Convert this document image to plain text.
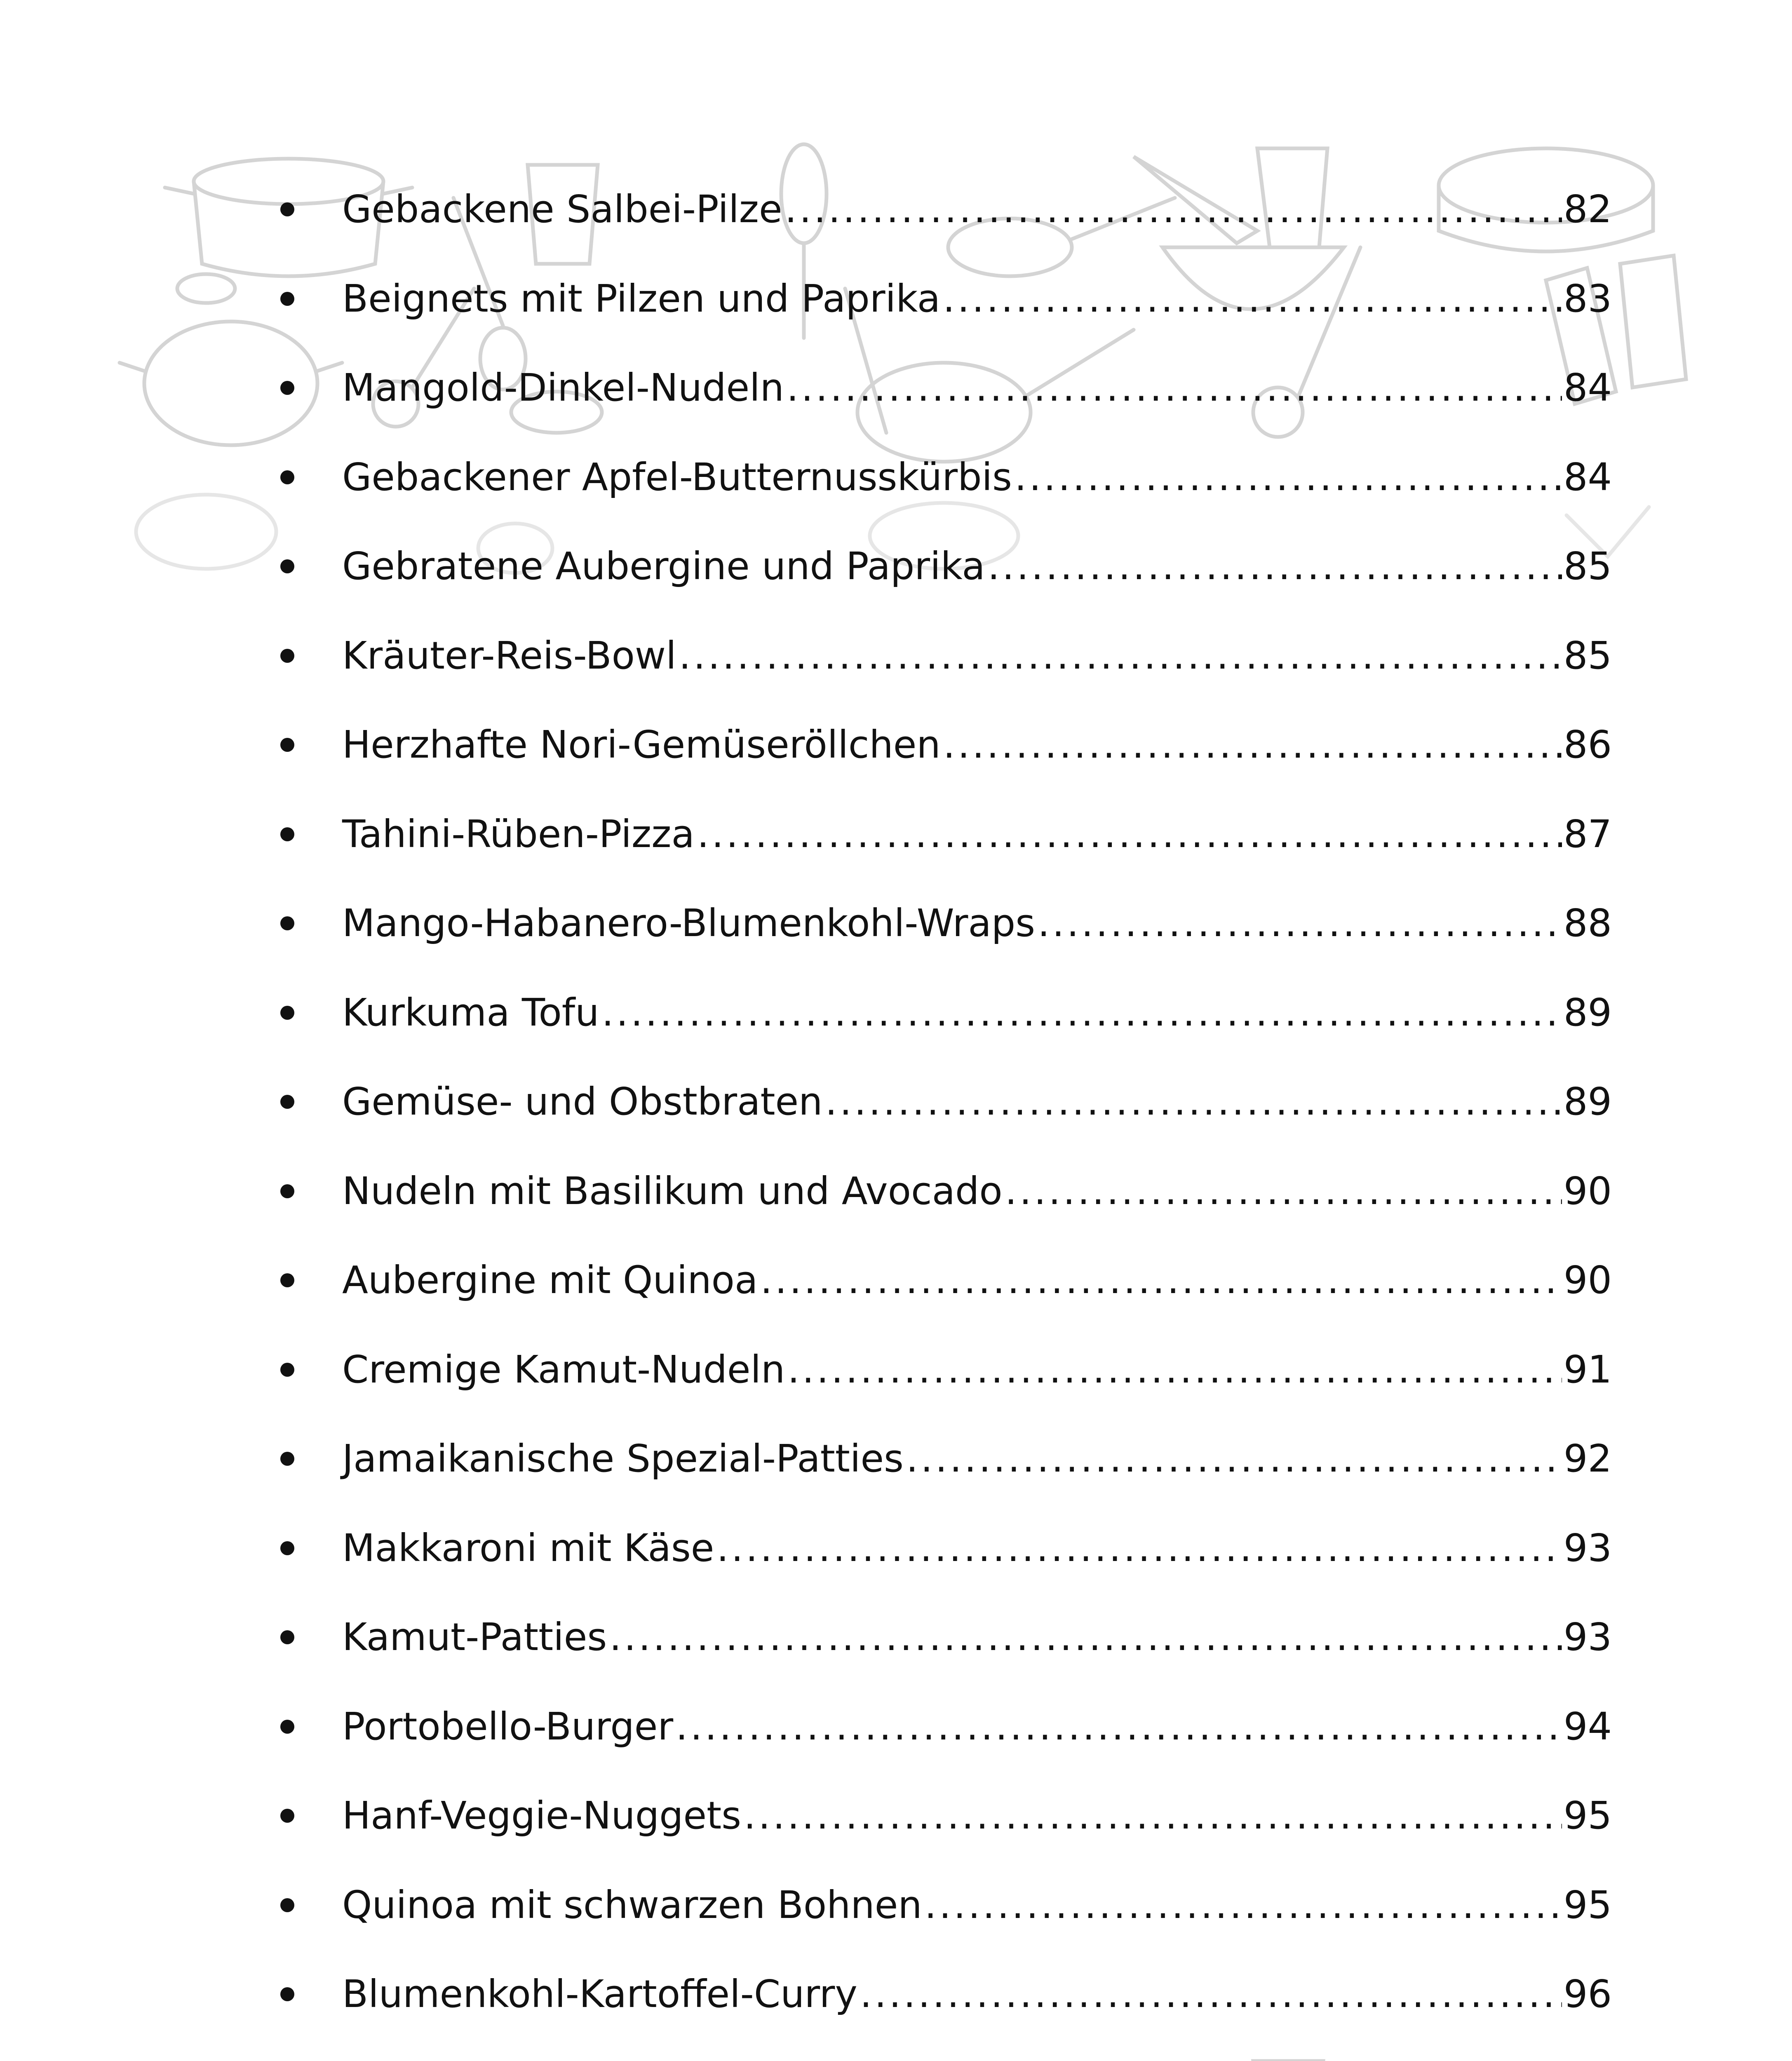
Gebackene Salbei-Pilze .....	82
Beignets mit Pilzen und Paprika .....	83
Mangold-Dinkel-Nudeln .....	84
Gebackener Apfel-Butternusskürbis .....	84
Gebratene Aubergine und Paprika .....	85
Kräuter-Reis-Bowl .....	85
Herzhafte Nori-Gemüseröllchen .....	86
Tahini-Rüben-Pizza .....	87
Mango-Habanero-Blumenkohl-Wraps .....	88
Kurkuma Tofu .....	89
Gemüse- und Obstbraten .....	89
Nudeln mit Basilikum und Avocado .....	90
Aubergine mit Quinoa .....	90
Cremige Kamut-Nudeln .....	91
Jamaikanische Spezial-Patties .....	92
Makkaroni mit Käse .....	93
Kamut-Patties .....	93
Portobello-Burger .....	94
Hanf-Veggie-Nuggets .....	95
Quinoa mit schwarzen Bohnen .....	95
Blumenkohl-Kartoffel-Curry .....	96
